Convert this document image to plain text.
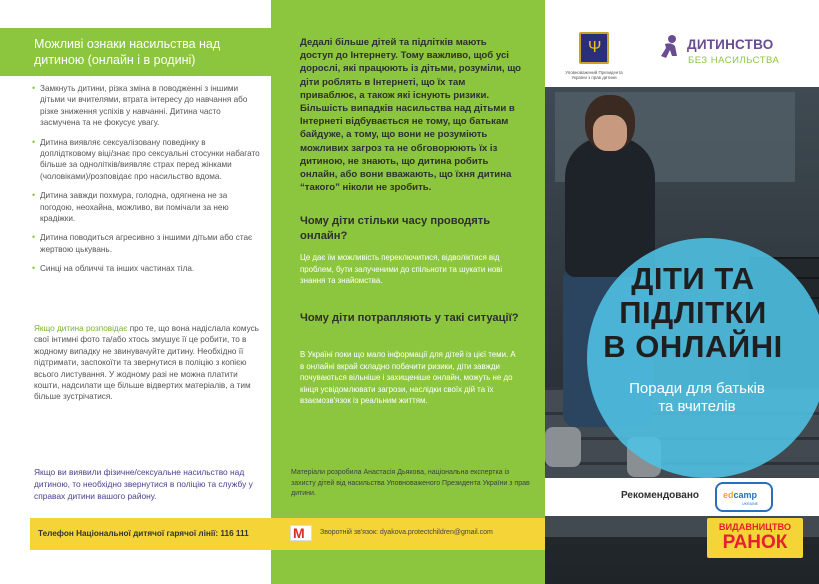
Можливі ознаки насильства над дитиною (онлайн і в родині)
• Замкнуть дитини, різка зміна в поводженні з іншими дітьми чи вчителями, втрата інтересу до навчання або різке зниження успіхів у навчанні. Дитина часто засмучена та не фокусує увагу.
• Дитина виявляє сексуалізовану поведінку в доплідтковому віці/знає про сексуальні стосунки набагато більше за однолітків/виявляє страх перед жінками (чоловіками)/розповідає про насильство вдома.
• Дитина завжди похмура, голодна, одягнена не за погодою, неохайна, можливо, ви помічали за нею крадіжки.
• Дитина поводиться агресивно з іншими дітьми або стає жертвою цькувань.
• Синці на обличчі та інших частинах тіла.

Якщо дитина розповідає про те, що вона надіслала комусь свої інтимні фото та/або хтось змушує її це робити, то в жодному випадку не звинувачуйте дитину. Необхідно її підтримати, заспокоїти та звернутися в поліцію з копією всього листування. У жодному разі не можна платити кошти, надсилати ще більше відвертих матеріалів, а тим більше зустрічатися.

Якщо ви виявили фізичне/сексуальне насильство над дитиною, то необхідно звернутися в поліцію та службу у справах дитини вашого району.

Телефон Національної дитячої гарячої лінії: 116 111

Дедалі більше дітей та підлітків мають доступ до Інтернету. Тому важливо, щоб усі дорослі, які працюють із дітьми, розуміли, що діти роблять в Інтернеті, що їх там приваблює, а також які існують ризики. Більшість випадків насильства над дітьми в Інтернеті відбувається не тому, що батькам байдуже, а тому, що вони не розуміють можливих загроз та не обговорюють їх із дитиною, не знають, що дитина робить онлайн, або вони вважають, що їхня дитина “такого” ніколи не зробить.

Чому діти стільки часу проводять онлайн?

Це дає їм можливість переключитися, відволіктися від проблем, бути залученими до спільноти та шукати нові знання та знайомства.

Чому діти потрапляють у такі ситуації?

В Україні поки що мало інформації для дітей із цієї теми. А в онлайні вкрай складно побачити ризики, діти завжди почуваються вільніше і захищеніше онлайн, можуть не до кінця усвідомлювати загрози, наслідки своїх дій та їх взаємозв'язок із реальним життям.

Матеріали розробила Анастасія Дьякова, національна експертка із захисту дітей від насильства Уповноваженого Президента України з прав дитини.

M Зворотній зв'язок: dyakova.protectchildren@gmail.com
Ψ
Уповноважений Президента України з прав дитини
ДИТИНСТВО
БЕЗ НАСИЛЬСТВА
ДІТИ ТА
ПІДЛІТКИ
В ОНЛАЙНІ
Поради для батьків
та вчителів
Рекомендовано	edcamp
UKRAINE
ВИДАВНИЦТВО
РАНОК
